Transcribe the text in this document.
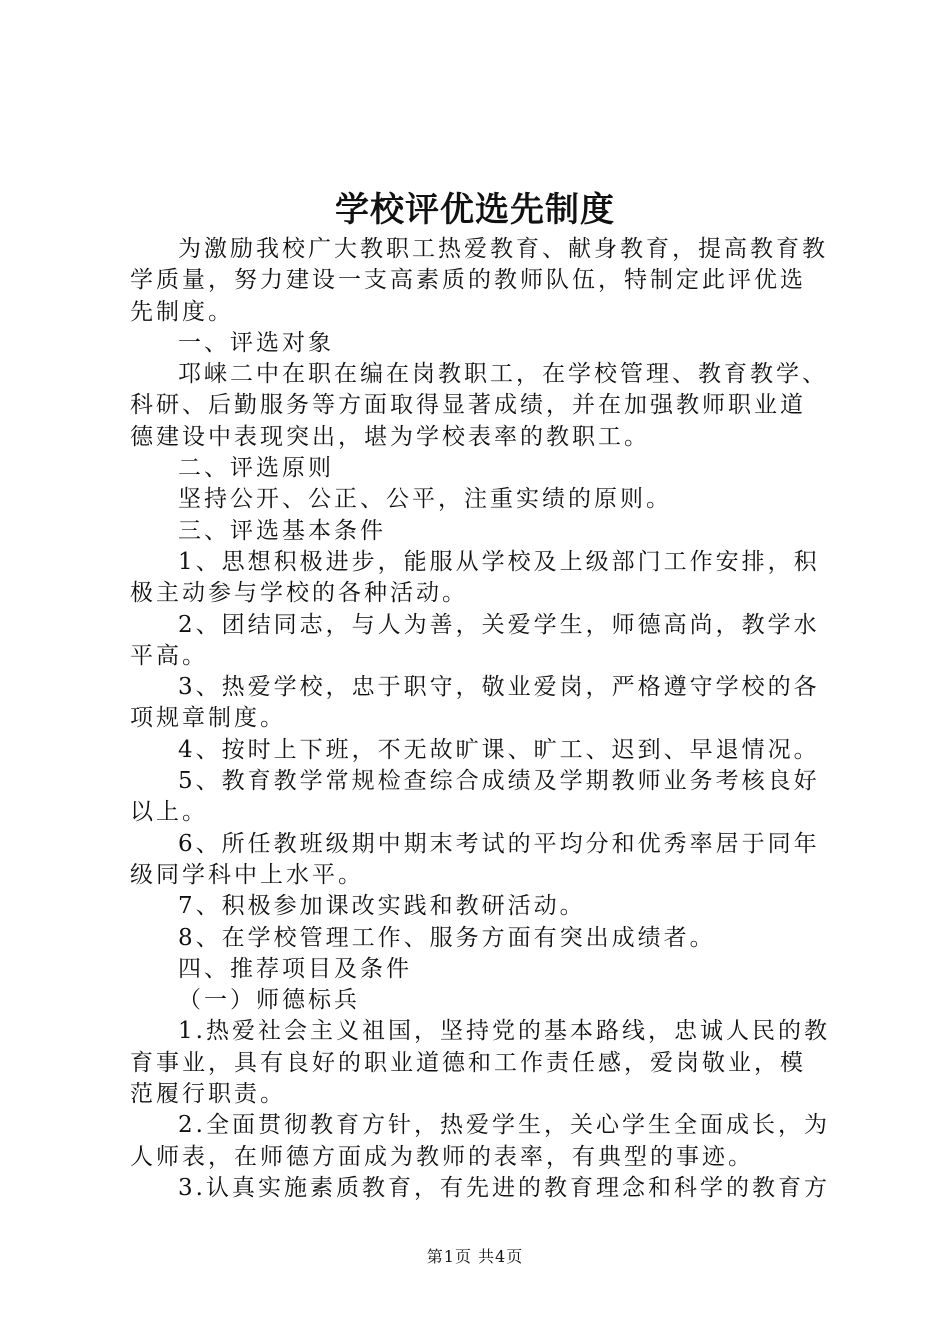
学校评优选先制度

为激励我校广大教职工热爱教育、献身教育，提高教育教学质量，努力建设一支高素质的教师队伍，特制定此评优选先制度。

一、评选对象

邛崃二中在职在编在岗教职工，在学校管理、教育教学、科研、后勤服务等方面取得显著成绩，并在加强教师职业道德建设中表现突出，堪为学校表率的教职工。

二、评选原则

坚持公开、公正、公平，注重实绩的原则。

三、评选基本条件

1、思想积极进步，能服从学校及上级部门工作安排，积极主动参与学校的各种活动。

2、团结同志，与人为善，关爱学生，师德高尚，教学水平高。

3、热爱学校，忠于职守，敬业爱岗，严格遵守学校的各项规章制度。

4、按时上下班，不无故旷课、旷工、迟到、早退情况。

5、教育教学常规检查综合成绩及学期教师业务考核良好以上。

6、所任教班级期中期末考试的平均分和优秀率居于同年级同学科中上水平。

7、积极参加课改实践和教研活动。

8、在学校管理工作、服务方面有突出成绩者。

四、推荐项目及条件

（一）师德标兵

1.热爱社会主义祖国，坚持党的基本路线，忠诚人民的教育事业，具有良好的职业道德和工作责任感，爱岗敬业，模范履行职责。

2.全面贯彻教育方针，热爱学生，关心学生全面成长，为人师表，在师德方面成为教师的表率，有典型的事迹。

3.认真实施素质教育，有先进的教育理念和科学的教育方

第1页 共4页
